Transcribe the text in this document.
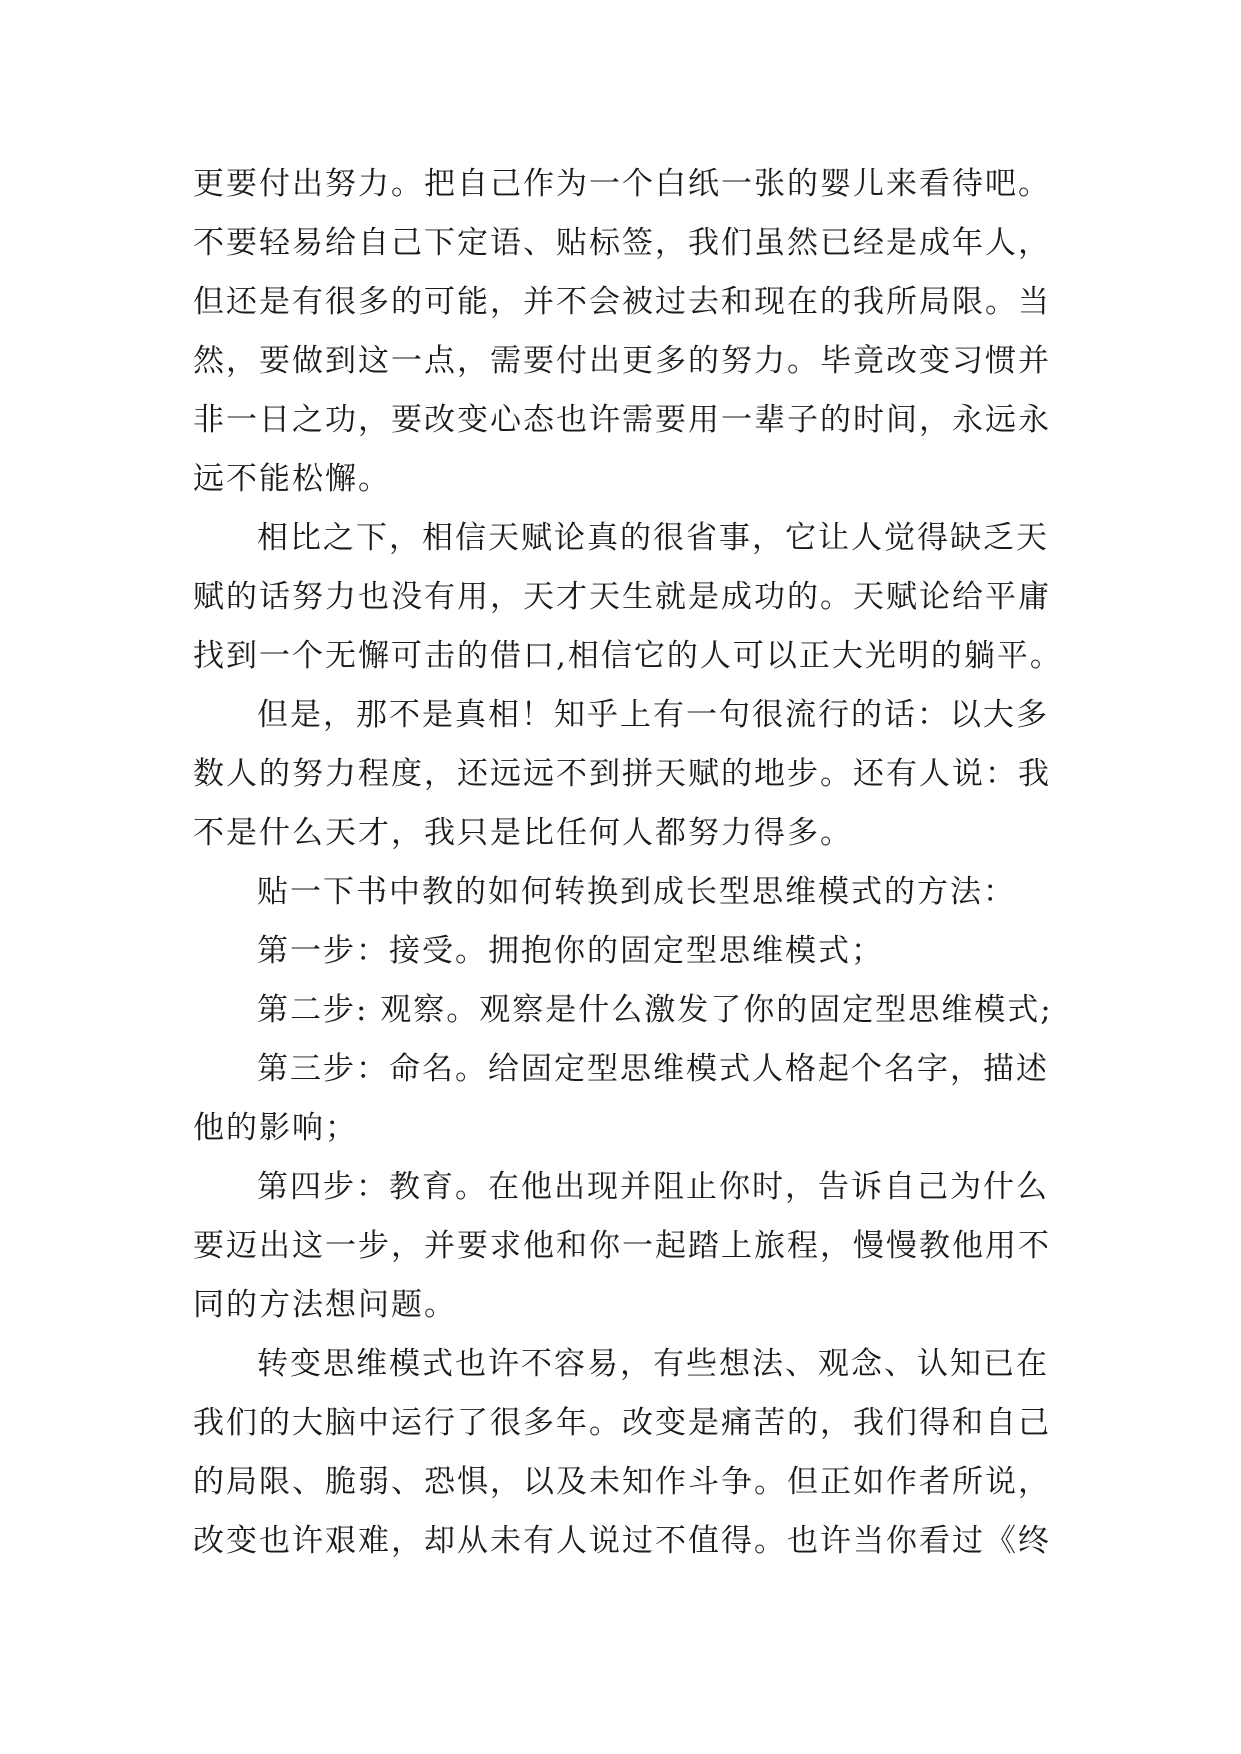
更要付出努力。把自己作为一个白纸一张的婴儿来看待吧。
不要轻易给自己下定语、贴标签，我们虽然已经是成年人，
但还是有很多的可能，并不会被过去和现在的我所局限。当
然，要做到这一点，需要付出更多的努力。毕竟改变习惯并
非一日之功，要改变心态也许需要用一辈子的时间，永远永
远不能松懈。
相比之下，相信天赋论真的很省事，它让人觉得缺乏天
赋的话努力也没有用，天才天生就是成功的。天赋论给平庸
找到一个无懈可击的借口,相信它的人可以正大光明的躺平。
但是，那不是真相！知乎上有一句很流行的话：以大多
数人的努力程度，还远远不到拼天赋的地步。还有人说：我
不是什么天才，我只是比任何人都努力得多。
贴一下书中教的如何转换到成长型思维模式的方法：
第一步：接受。拥抱你的固定型思维模式；
第二步: 观察。观察是什么激发了你的固定型思维模式;
第三步：命名。给固定型思维模式人格起个名字，描述
他的影响；
第四步：教育。在他出现并阻止你时，告诉自己为什么
要迈出这一步，并要求他和你一起踏上旅程，慢慢教他用不
同的方法想问题。
转变思维模式也许不容易，有些想法、观念、认知已在
我们的大脑中运行了很多年。改变是痛苦的，我们得和自己
的局限、脆弱、恐惧，以及未知作斗争。但正如作者所说，
改变也许艰难，却从未有人说过不值得。也许当你看过《终
